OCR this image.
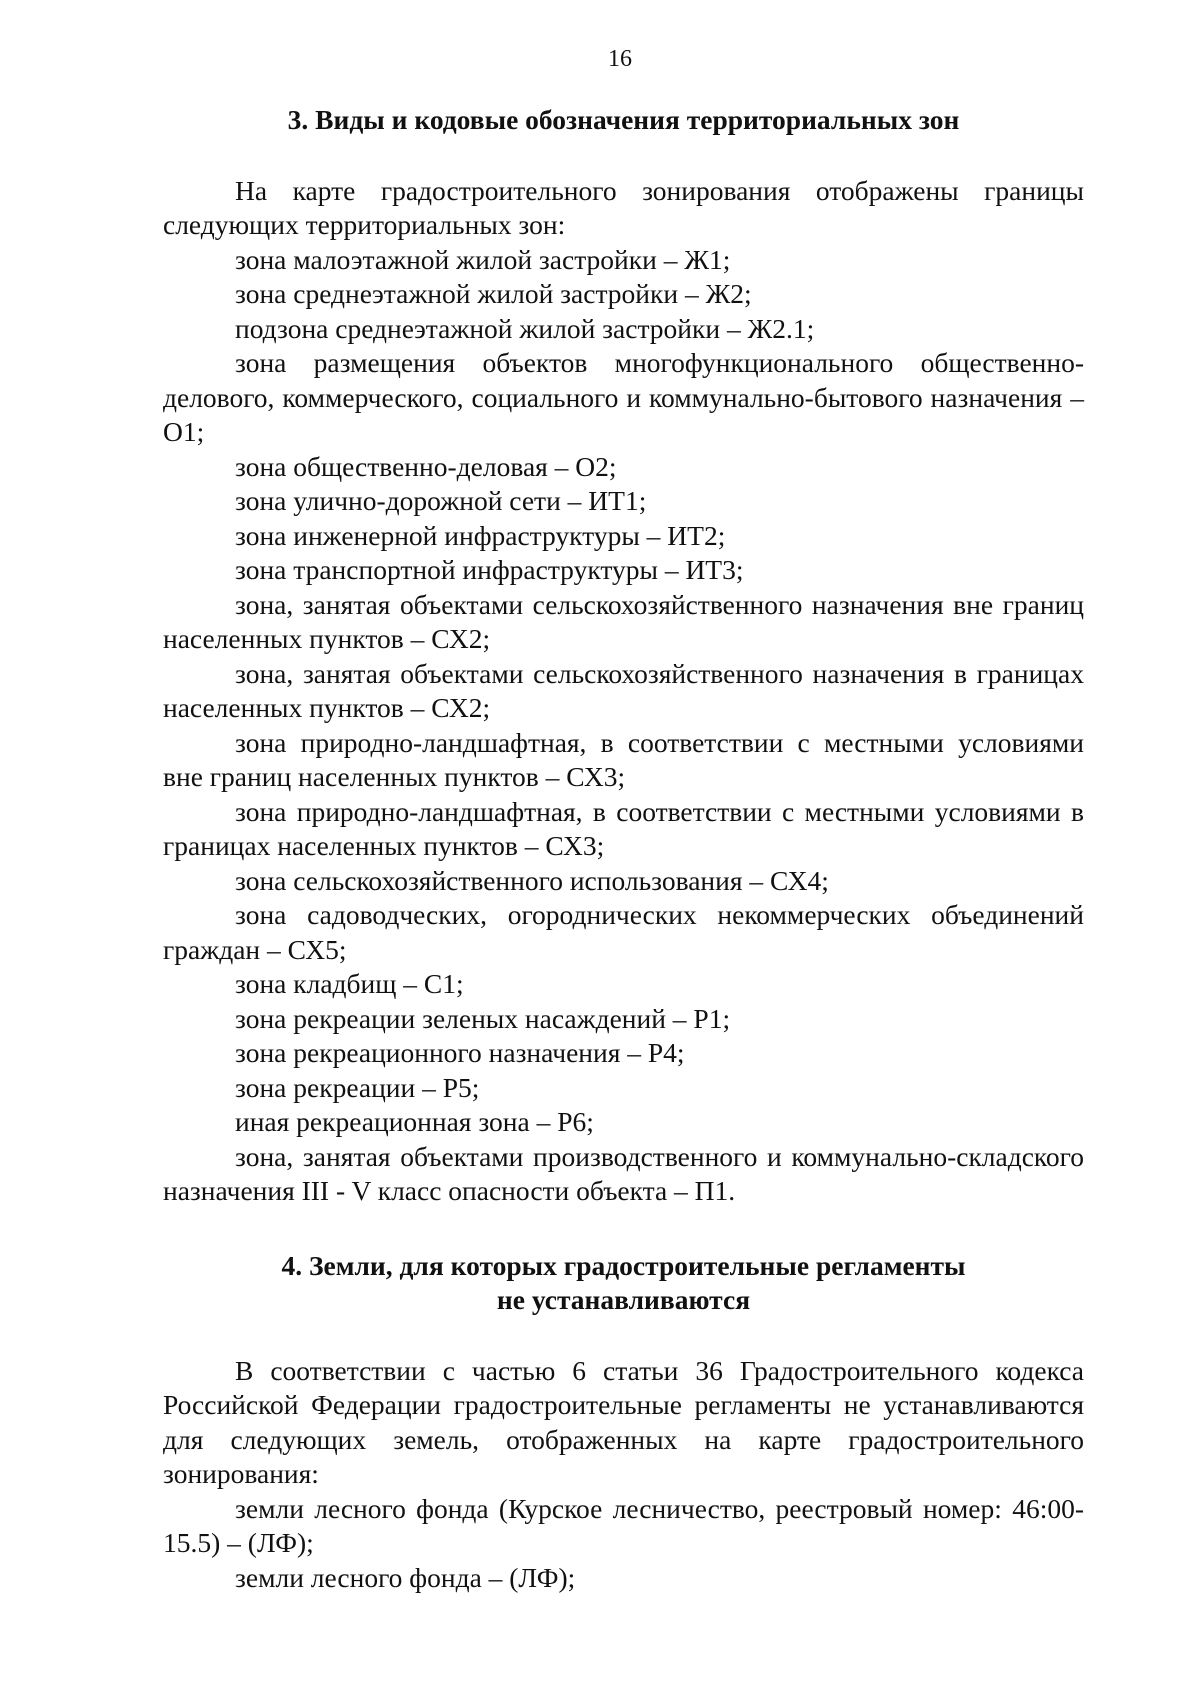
16
3. Виды и кодовые обозначения территориальных зон

На карте градостроительного зонирования отображены границы следующих территориальных зон:

зона малоэтажной жилой застройки – Ж1;

зона среднеэтажной жилой застройки – Ж2;

подзона среднеэтажной жилой застройки – Ж2.1;

зона размещения объектов многофункционального общественно-делового, коммерческого, социального и коммунально-бытового назначения – О1;

зона общественно-деловая – О2;

зона улично-дорожной сети – ИТ1;

зона инженерной инфраструктуры – ИТ2;

зона транспортной инфраструктуры – ИТ3;

зона, занятая объектами сельскохозяйственного назначения вне границ населенных пунктов – СХ2;

зона, занятая объектами сельскохозяйственного назначения в границах населенных пунктов – СХ2;

зона природно-ландшафтная, в соответствии с местными условиями вне границ населенных пунктов – СХ3;

зона природно-ландшафтная, в соответствии с местными условиями в границах населенных пунктов – СХ3;

зона сельскохозяйственного использования – СХ4;

зона садоводческих, огороднических некоммерческих объединений граждан – СХ5;

зона кладбищ – С1;

зона рекреации зеленых насаждений – Р1;

зона рекреационного назначения – Р4;

зона рекреации – Р5;

иная рекреационная зона – Р6;

зона, занятая объектами производственного и коммунально-складского назначения III - V класс опасности объекта – П1.

4. Земли, для которых градостроительные регламенты
не устанавливаются

В соответствии с частью 6 статьи 36 Градостроительного кодекса Российской Федерации градостроительные регламенты не устанавливаются для следующих земель, отображенных на карте градостроительного зонирования:

земли лесного фонда (Курское лесничество, реестровый номер: 46:00-15.5) – (ЛФ);

земли лесного фонда – (ЛФ);
